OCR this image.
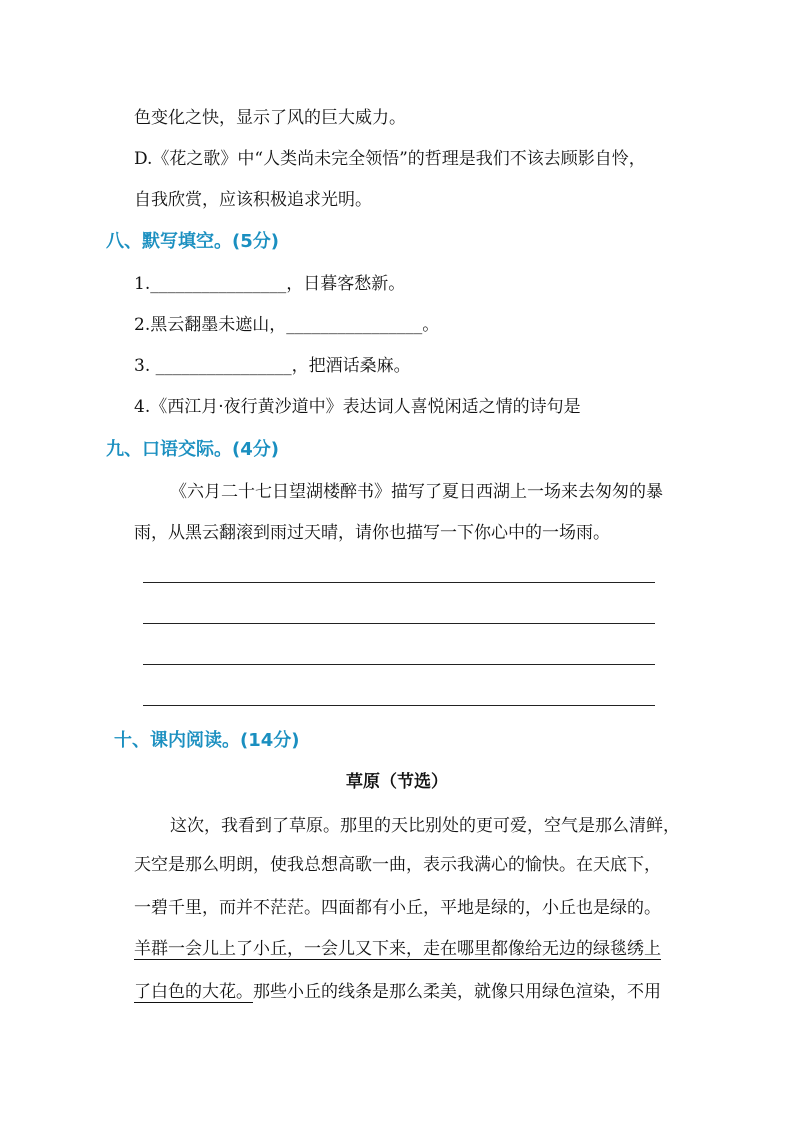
色变化之快，显示了风的巨大威力。
D.《花之歌》中“人类尚未完全领悟”的哲理是我们不该去顾影自怜，
自我欣赏，应该积极追求光明。
八、默写填空。(5分)
1.________________，日暮客愁新。
2.黑云翻墨未遮山，________________。
3. ________________，把酒话桑麻。
4.《西江月·夜行黄沙道中》表达词人喜悦闲适之情的诗句是
九、口语交际。(4分)
《六月二十七日望湖楼醉书》描写了夏日西湖上一场来去匆匆的暴
雨，从黑云翻滚到雨过天晴，请你也描写一下你心中的一场雨。
十、课内阅读。(14分)
草原（节选）
这次，我看到了草原。那里的天比别处的更可爱，空气是那么清鲜，
天空是那么明朗，使我总想高歌一曲，表示我满心的愉快。在天底下，
一碧千里，而并不茫茫。四面都有小丘，平地是绿的，小丘也是绿的。
羊群一会儿上了小丘，一会儿又下来，走在哪里都像给无边的绿毯绣上
了白色的大花。那些小丘的线条是那么柔美，就像只用绿色渲染，不用
